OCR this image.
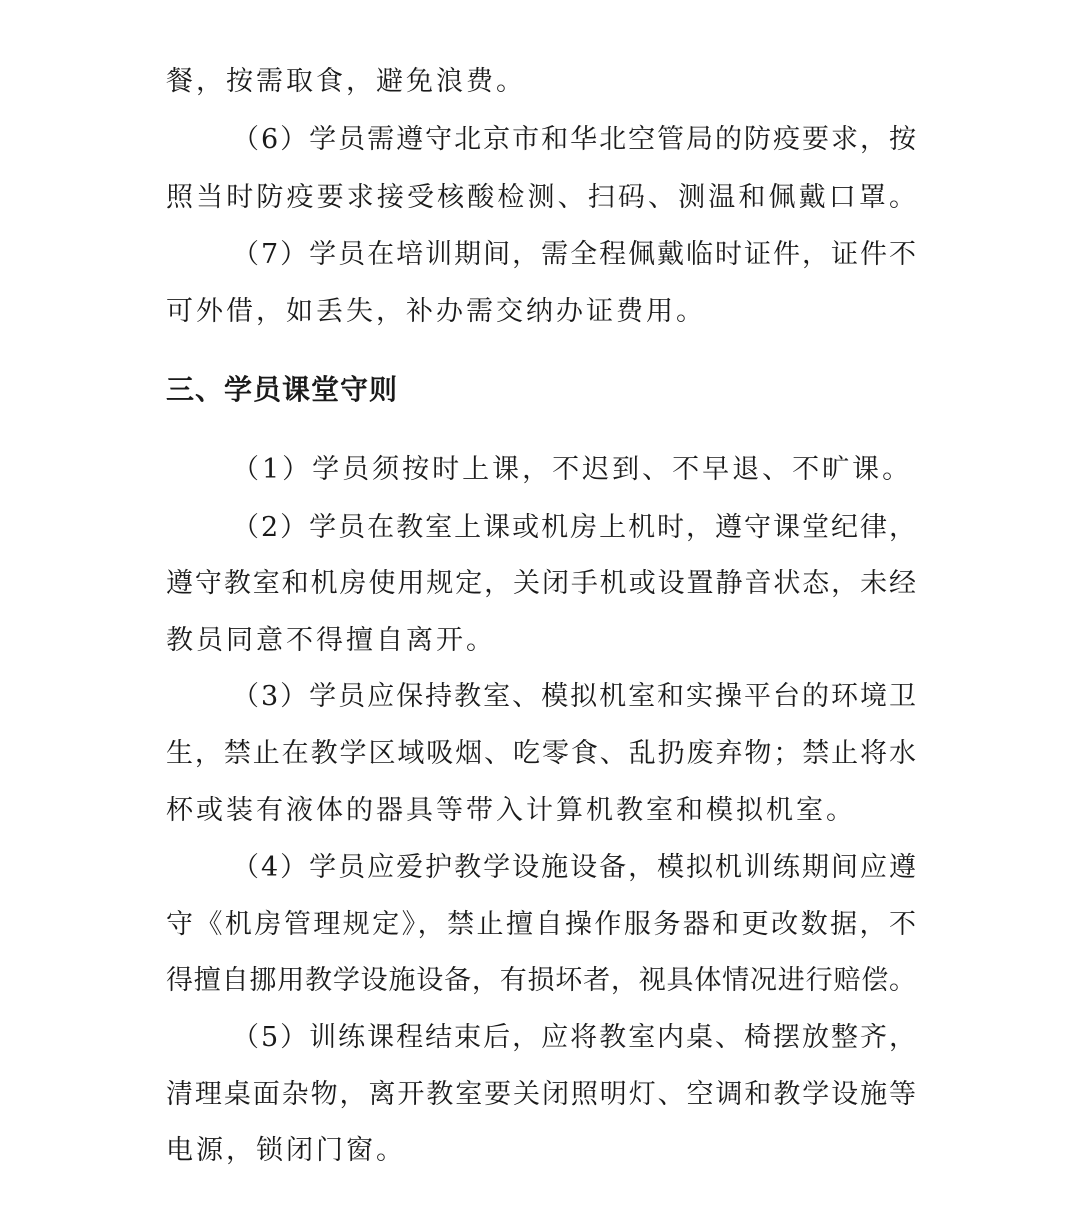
餐，按需取食，避免浪费。
（6）学员需遵守北京市和华北空管局的防疫要求，按
照当时防疫要求接受核酸检测、扫码、测温和佩戴口罩。
（7）学员在培训期间，需全程佩戴临时证件，证件不
可外借，如丢失，补办需交纳办证费用。
三、学员课堂守则
（1）学员须按时上课，不迟到、不早退、不旷课。
（2）学员在教室上课或机房上机时，遵守课堂纪律，
遵守教室和机房使用规定，关闭手机或设置静音状态，未经
教员同意不得擅自离开。
（3）学员应保持教室、模拟机室和实操平台的环境卫
生，禁止在教学区域吸烟、吃零食、乱扔废弃物；禁止将水
杯或装有液体的器具等带入计算机教室和模拟机室。
（4）学员应爱护教学设施设备，模拟机训练期间应遵
守《机房管理规定》，禁止擅自操作服务器和更改数据，不
得擅自挪用教学设施设备，有损坏者，视具体情况进行赔偿。
（5）训练课程结束后，应将教室内桌、椅摆放整齐，
清理桌面杂物，离开教室要关闭照明灯、空调和教学设施等
电源，锁闭门窗。
